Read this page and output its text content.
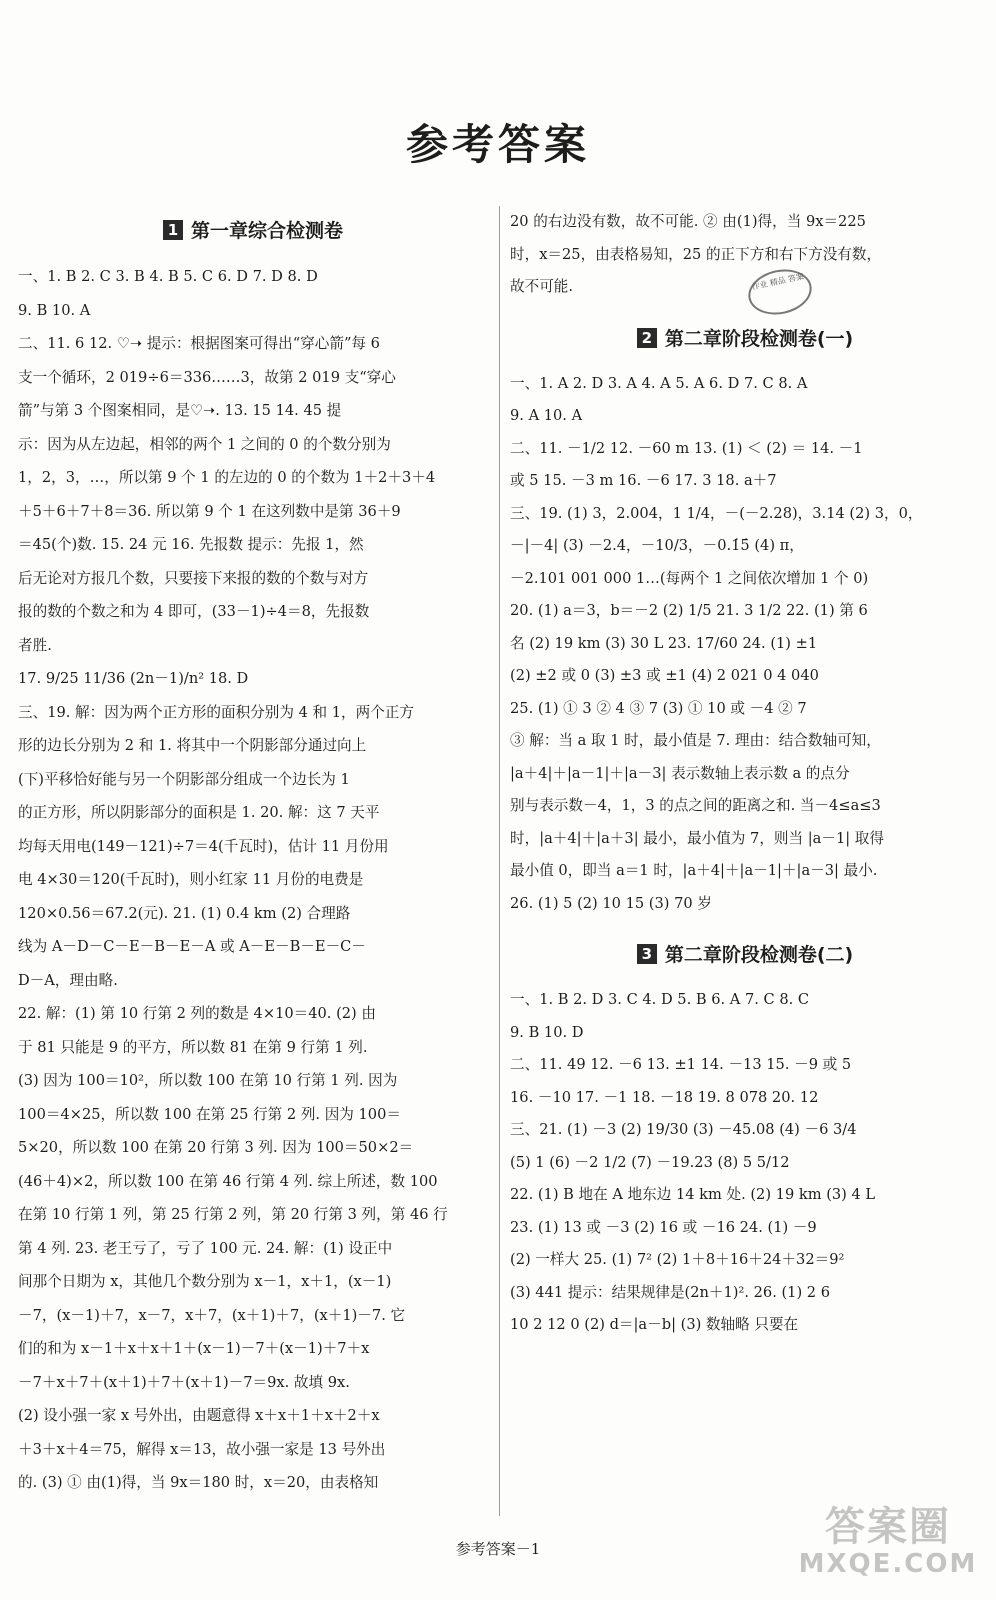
参考答案
1 第一章综合检测卷
一、1. B 2. C 3. B 4. B 5. C 6. D 7. D 8. D
9. B 10. A
二、11. 6 12. ♡➝ 提示：根据图案可得出“穿心箭”每 6
支一个循环，2 019÷6＝336……3，故第 2 019 支“穿心
箭”与第 3 个图案相同，是♡➝. 13. 15 14. 45 提
示：因为从左边起，相邻的两个 1 之间的 0 的个数分别为
1，2，3，…，所以第 9 个 1 的左边的 0 的个数为 1＋2＋3＋4
＋5＋6＋7＋8＝36. 所以第 9 个 1 在这列数中是第 36＋9
＝45(个)数. 15. 24 元 16. 先报数 提示：先报 1，然
后无论对方报几个数，只要接下来报的数的个数与对方
报的数的个数之和为 4 即可，(33－1)÷4＝8，先报数
者胜.
17. 9/25 11/36 (2n－1)/n² 18. D
三、19. 解：因为两个正方形的面积分别为 4 和 1，两个正方
形的边长分别为 2 和 1. 将其中一个阴影部分通过向上
(下)平移恰好能与另一个阴影部分组成一个边长为 1
的正方形，所以阴影部分的面积是 1. 20. 解：这 7 天平
均每天用电(149－121)÷7＝4(千瓦时)，估计 11 月份用
电 4×30＝120(千瓦时)，则小红家 11 月份的电费是
120×0.56＝67.2(元). 21. (1) 0.4 km (2) 合理路
线为 A－D－C－E－B－E－A 或 A－E－B－E－C－
D－A，理由略.
22. 解：(1) 第 10 行第 2 列的数是 4×10＝40. (2) 由
于 81 只能是 9 的平方，所以数 81 在第 9 行第 1 列.
(3) 因为 100＝10²，所以数 100 在第 10 行第 1 列. 因为
100＝4×25，所以数 100 在第 25 行第 2 列. 因为 100＝
5×20，所以数 100 在第 20 行第 3 列. 因为 100＝50×2＝
(46＋4)×2，所以数 100 在第 46 行第 4 列. 综上所述，数 100
在第 10 行第 1 列，第 25 行第 2 列，第 20 行第 3 列，第 46 行
第 4 列. 23. 老王亏了，亏了 100 元. 24. 解：(1) 设正中
间那个日期为 x，其他几个数分别为 x－1，x＋1，(x－1)
－7，(x－1)＋7，x－7，x＋7，(x＋1)＋7，(x＋1)－7. 它
们的和为 x－1＋x＋x＋1＋(x－1)－7＋(x－1)＋7＋x
－7＋x＋7＋(x＋1)＋7＋(x＋1)－7＝9x. 故填 9x.
(2) 设小强一家 x 号外出，由题意得 x＋x＋1＋x＋2＋x
＋3＋x＋4＝75，解得 x＝13，故小强一家是 13 号外出
的. (3) ① 由(1)得，当 9x＝180 时，x＝20，由表格知
20 的右边没有数，故不可能. ② 由(1)得，当 9x＝225
时，x＝25，由表格易知，25 的正下方和右下方没有数，
故不可能.
2 第二章阶段检测卷(一)
一、1. A 2. D 3. A 4. A 5. A 6. D 7. C 8. A
9. A 10. A
二、11. －1/2 12. －60 m 13. (1) ＜ (2) ＝ 14. －1
或 5 15. －3 m 16. －6 17. 3 18. a＋7
三、19. (1) 3，2.004，1 1/4，－(－2.28)，3.14 (2) 3，0，
－|－4| (3) －2.4，－10/3，－0.1̇5̇ (4) π，
－2.101 001 000 1…(每两个 1 之间依次增加 1 个 0)
20. (1) a＝3，b＝－2 (2) 1/5 21. 3 1/2 22. (1) 第 6
名 (2) 19 km (3) 30 L 23. 17/60 24. (1) ±1
(2) ±2 或 0 (3) ±3 或 ±1 (4) 2 021 0 4 040
25. (1) ① 3 ② 4 ③ 7 (3) ① 10 或 －4 ② 7
③ 解：当 a 取 1 时，最小值是 7. 理由：结合数轴可知，
|a＋4|＋|a－1|＋|a－3| 表示数轴上表示数 a 的点分
别与表示数－4，1，3 的点之间的距离之和. 当－4≤a≤3
时，|a＋4|＋|a＋3| 最小，最小值为 7，则当 |a－1| 取得
最小值 0，即当 a＝1 时，|a＋4|＋|a－1|＋|a－3| 最小.
26. (1) 5 (2) 10 15 (3) 70 岁
3 第二章阶段检测卷(二)
一、1. B 2. D 3. C 4. D 5. B 6. A 7. C 8. C
9. B 10. D
二、11. 49 12. －6 13. ±1 14. －13 15. －9 或 5
16. －10 17. －1 18. －18 19. 8 078 20. 12
三、21. (1) －3 (2) 19/30 (3) －45.08 (4) －6 3/4
(5) 1 (6) －2 1/2 (7) －19.23 (8) 5 5/12
22. (1) B 地在 A 地东边 14 km 处. (2) 19 km (3) 4 L
23. (1) 13 或 －3 (2) 16 或 －16 24. (1) －9
(2) 一样大 25. (1) 7² (2) 1＋8＋16＋24＋32＝9²
(3) 441 提示：结果规律是(2n＋1)². 26. (1) 2 6
10 2 12 0 (2) d＝|a－b| (3) 数轴略 只要在
作业 精品 答案
参考答案－1	答案圈
MXQE.COM
